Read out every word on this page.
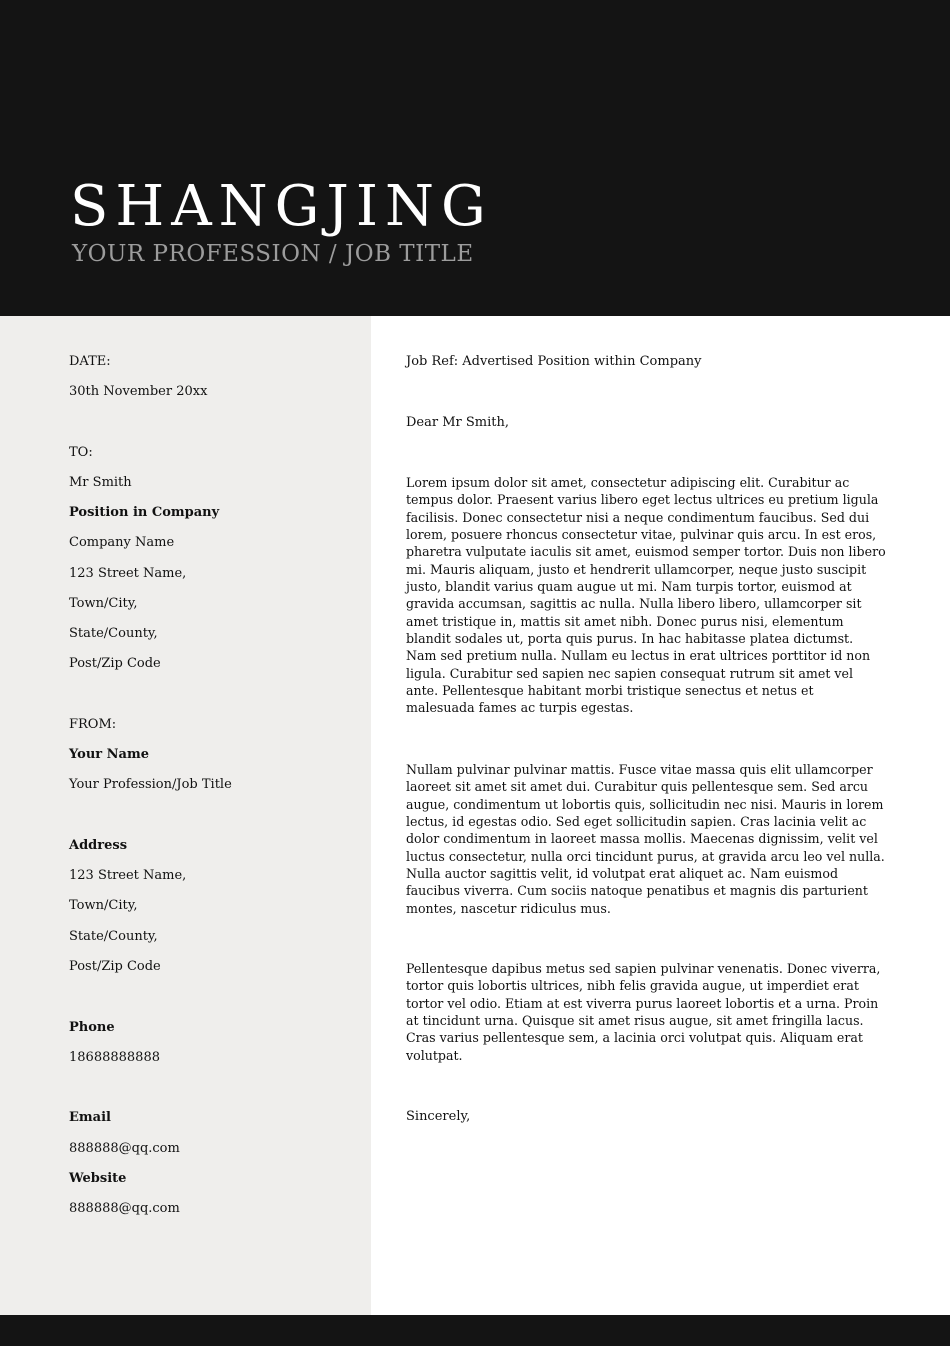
SHANGJING
YOUR PROFESSION / JOB TITLE
DATE:
30th November 20xx
TO:
Mr Smith
Position in Company
Company Name
123 Street Name,
Town/City,
State/County,
Post/Zip Code
FROM:
Your Name
Your Profession/Job Title
Address
123 Street Name,
Town/City,
State/County,
Post/Zip Code
Phone
18688888888
Email
888888@qq.com
Website
888888@qq.com
Job Ref: Advertised Position within Company
Dear Mr Smith,
Lorem ipsum dolor sit amet, consectetur adipiscing elit. Curabitur ac tempus dolor. Praesent varius libero eget lectus ultrices eu pretium ligula facilisis. Donec consectetur nisi a neque condimentum faucibus. Sed dui lorem, posuere rhoncus consectetur vitae, pulvinar quis arcu. In est eros, pharetra vulputate iaculis sit amet, euismod semper tortor. Duis non libero mi. Mauris aliquam, justo et hendrerit ullamcorper, neque justo suscipit justo, blandit varius quam augue ut mi. Nam turpis tortor, euismod at gravida accumsan, sagittis ac nulla. Nulla libero libero, ullamcorper sit amet tristique in, mattis sit amet nibh. Donec purus nisi, elementum blandit sodales ut, porta quis purus. In hac habitasse platea dictumst. Nam sed pretium nulla. Nullam eu lectus in erat ultrices porttitor id non ligula. Curabitur sed sapien nec sapien consequat rutrum sit amet vel ante. Pellentesque habitant morbi tristique senectus et netus et malesuada fames ac turpis egestas.
Nullam pulvinar pulvinar mattis. Fusce vitae massa quis elit ullamcorper laoreet sit amet sit amet dui. Curabitur quis pellentesque sem. Sed arcu augue, condimentum ut lobortis quis, sollicitudin nec nisi. Mauris in lorem lectus, id egestas odio. Sed eget sollicitudin sapien. Cras lacinia velit ac dolor condimentum in laoreet massa mollis. Maecenas dignissim, velit vel luctus consectetur, nulla orci tincidunt purus, at gravida arcu leo vel nulla. Nulla auctor sagittis velit, id volutpat erat aliquet ac. Nam euismod faucibus viverra. Cum sociis natoque penatibus et magnis dis parturient montes, nascetur ridiculus mus.
Pellentesque dapibus metus sed sapien pulvinar venenatis. Donec viverra, tortor quis lobortis ultrices, nibh felis gravida augue, ut imperdiet erat tortor vel odio. Etiam at est viverra purus laoreet lobortis et a urna. Proin at tincidunt urna. Quisque sit amet risus augue, sit amet fringilla lacus. Cras varius pellentesque sem, a lacinia orci volutpat quis. Aliquam erat volutpat.
Sincerely,
